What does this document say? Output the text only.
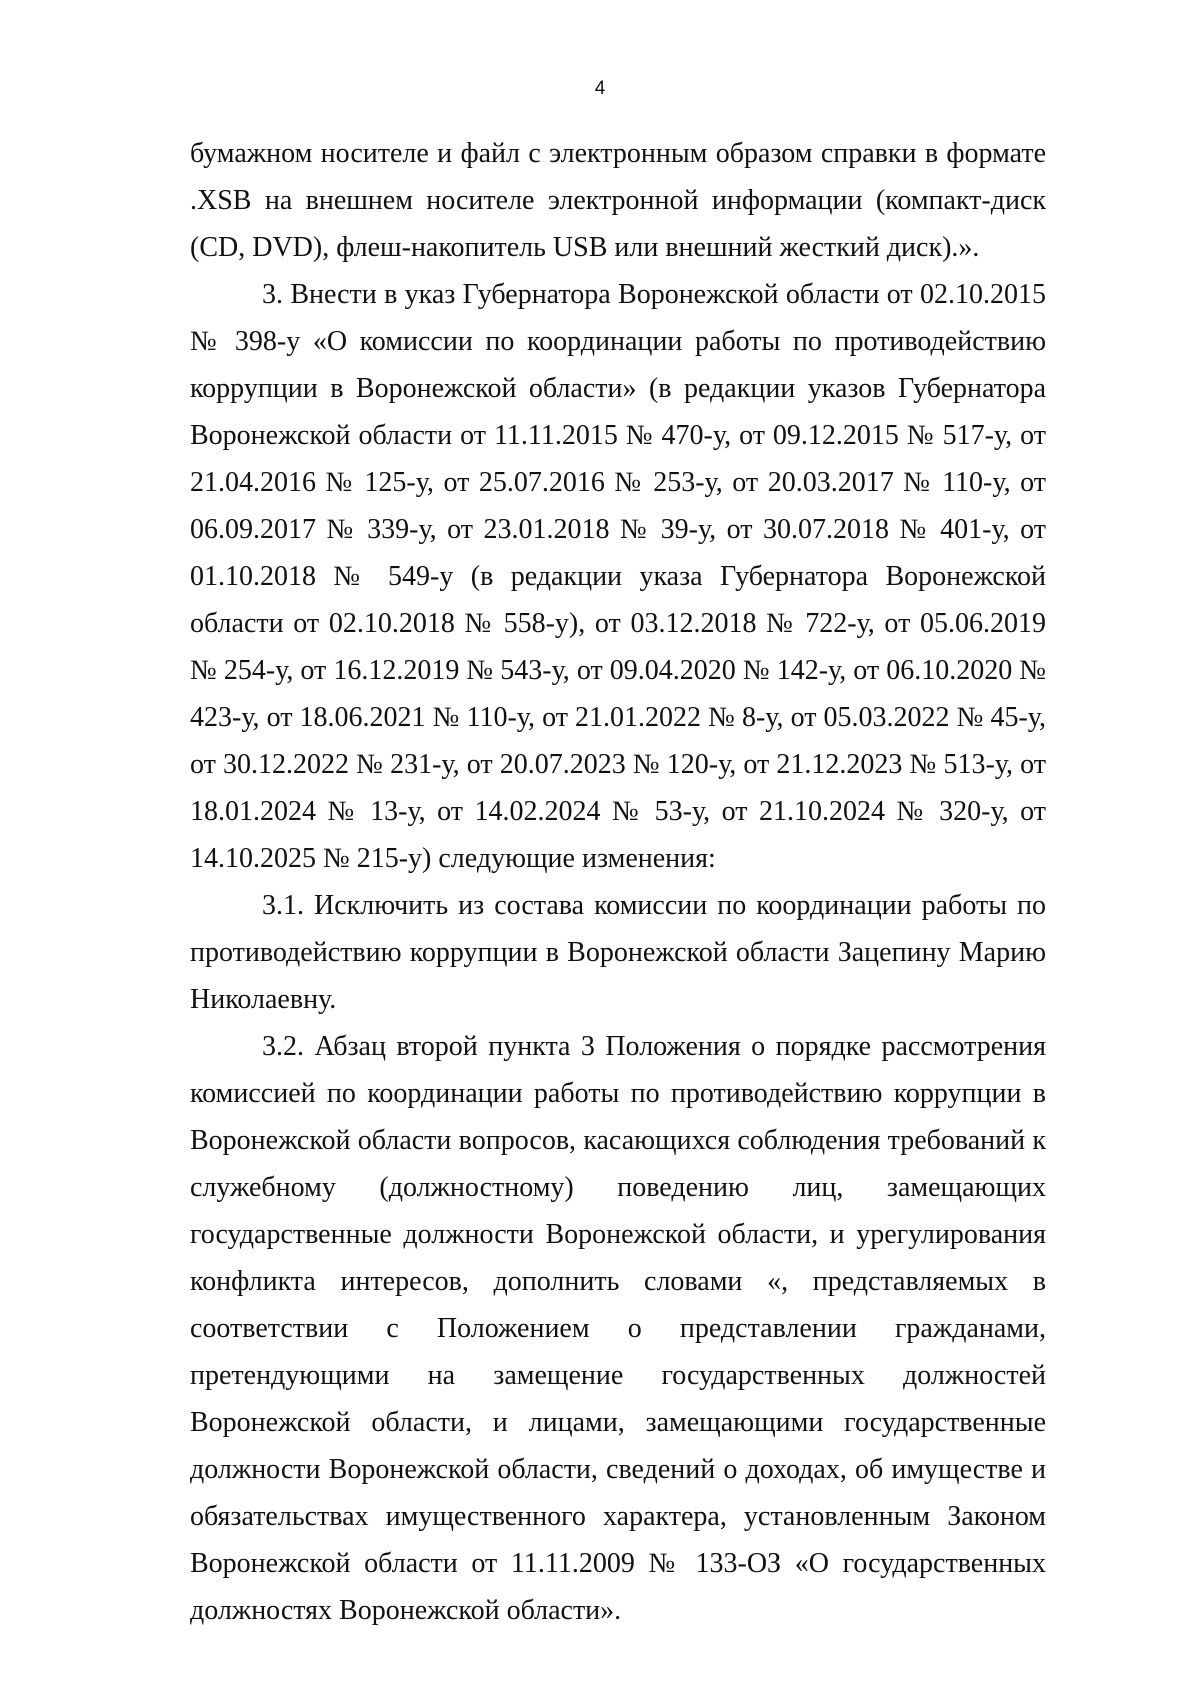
4

бумажном носителе и файл с электронным образом справки в формате .XSB на внешнем носителе электронной информации (компакт-диск (CD, DVD), флеш-накопитель USB или внешний жесткий диск).».

3. Внести в указ Губернатора Воронежской области от 02.10.2015 № 398-у «О комиссии по координации работы по противодействию коррупции в Воронежской области» (в редакции указов Губернатора Воронежской области от 11.11.2015 № 470-у, от 09.12.2015 № 517-у, от 21.04.2016 № 125-у, от 25.07.2016 № 253-у, от 20.03.2017 № 110-у, от 06.09.2017 № 339-у, от 23.01.2018 № 39-у, от 30.07.2018 № 401-у, от 01.10.2018 № 549-у (в редакции указа Губернатора Воронежской области от 02.10.2018 № 558-у), от 03.12.2018 № 722-у, от 05.06.2019 № 254-у, от 16.12.2019 № 543-у, от 09.04.2020 № 142-у, от 06.10.2020 № 423-у, от 18.06.2021 № 110-у, от 21.01.2022 № 8-у, от 05.03.2022 № 45-у, от 30.12.2022 № 231-у, от 20.07.2023 № 120-у, от 21.12.2023 № 513-у, от 18.01.2024 № 13-у, от 14.02.2024 № 53-у, от 21.10.2024 № 320-у, от 14.10.2025 № 215-у) следующие изменения:

3.1. Исключить из состава комиссии по координации работы по противодействию коррупции в Воронежской области Зацепину Марию Николаевну.

3.2. Абзац второй пункта 3 Положения о порядке рассмотрения комиссией по координации работы по противодействию коррупции в Воронежской области вопросов, касающихся соблюдения требований к служебному (должностному) поведению лиц, замещающих государственные должности Воронежской области, и урегулирования конфликта интересов, дополнить словами «, представляемых в соответствии с Положением о представлении гражданами, претендующими на замещение государственных должностей Воронежской области, и лицами, замещающими государственные должности Воронежской области, сведений о доходах, об имуществе и обязательствах имущественного характера, установленным Законом Воронежской области от 11.11.2009 № 133-ОЗ «О государственных должностях Воронежской области».
